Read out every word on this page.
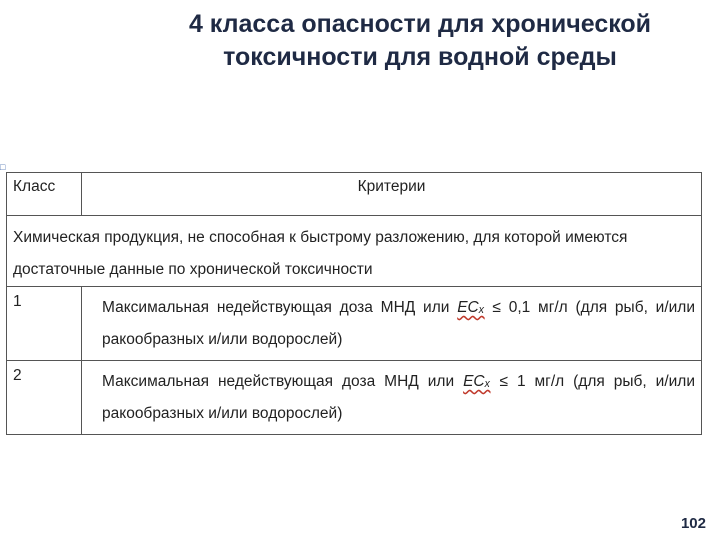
4 класса опасности для хронической
токсичности для водной среды
□
Класс	Критерии
Химическая продукция, не способная к быстрому разложению, для которой имеются достаточные данные по хронической токсичности	
1	Максимальная недействующая доза МНД или ECₓ ≤ 0,1 мг/л (для рыб, и/или ракообразных и/или водорослей)
2	Максимальная недействующая доза МНД или ECₓ ≤ 1 мг/л (для рыб, и/или ракообразных и/или водорослей)
102
